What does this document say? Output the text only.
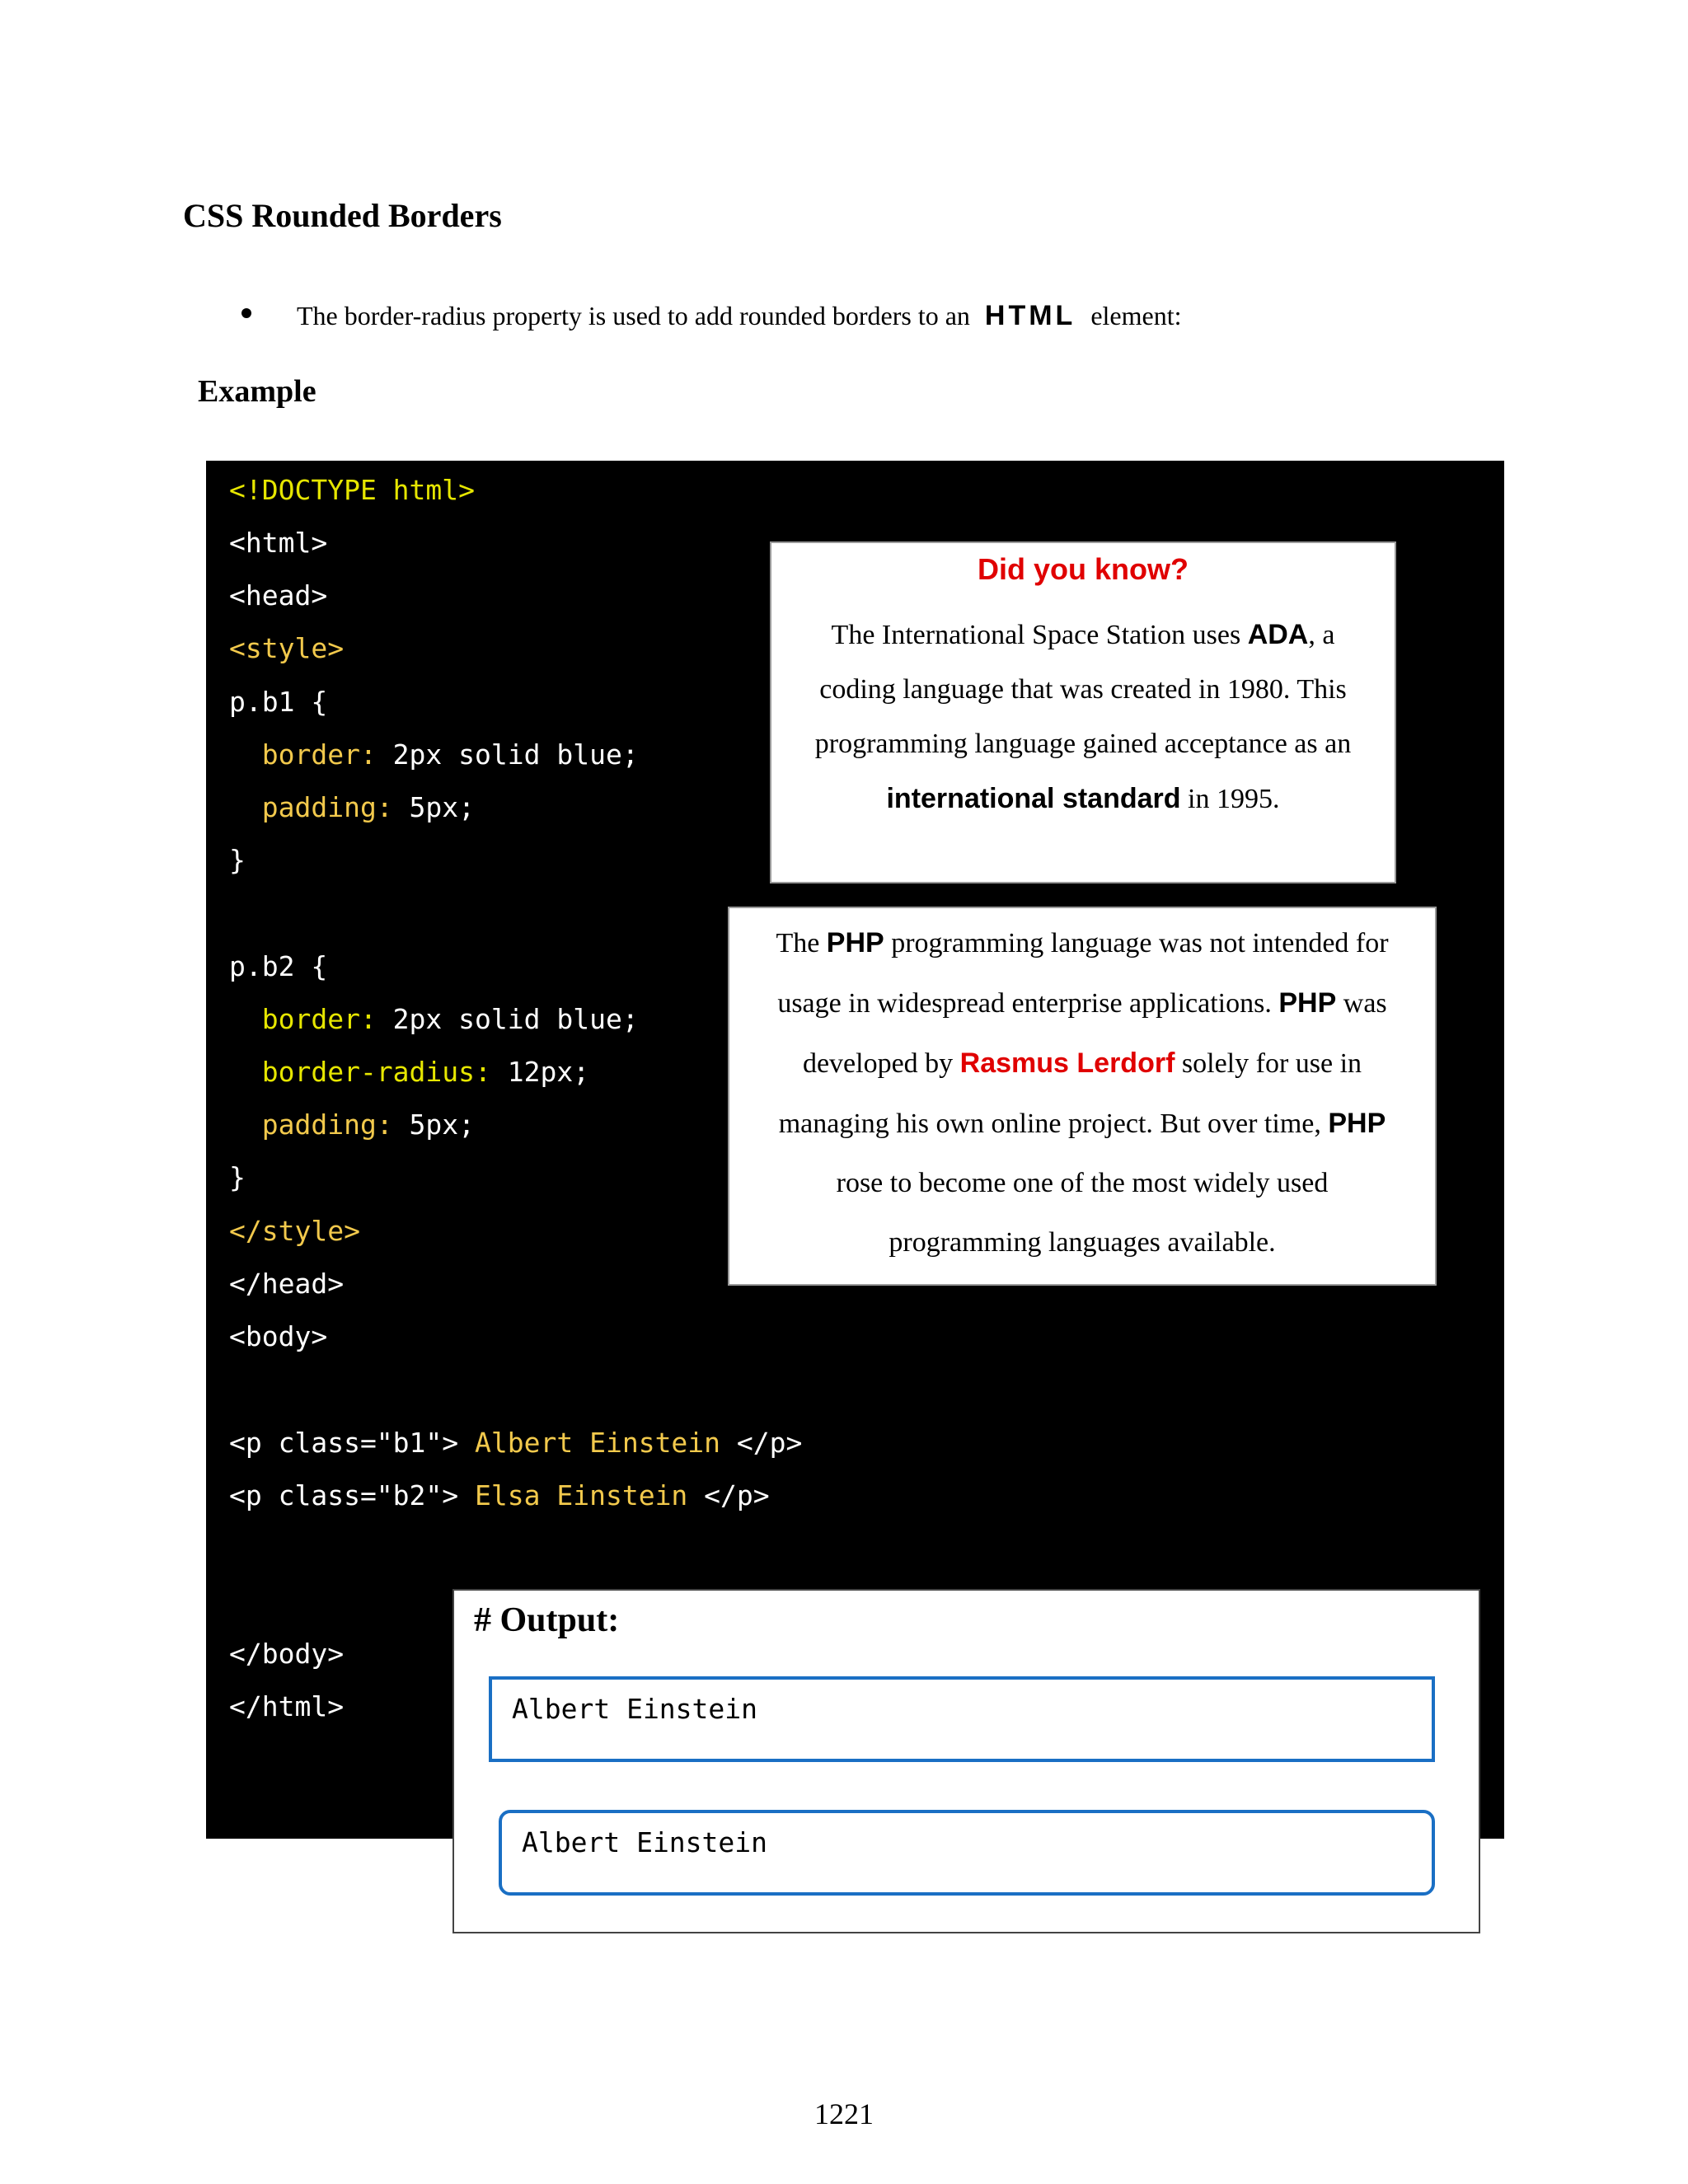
CSS Rounded Borders
The border-radius property is used to add rounded borders to an HTML element:
Example
<!DOCTYPE html>
<html>
<head>
<style>
p.b1 {
border: 2px solid blue;
padding: 5px;
}
p.b2 {
border: 2px solid blue;
border-radius: 12px;
padding: 5px;
}
</style>
</head>
<body>
<p class="b1"> Albert Einstein </p>
<p class="b2"> Elsa Einstein </p>
</body>
</html>
Did you know?
The International Space Station uses ADA, a
coding language that was created in 1980. This
programming language gained acceptance as an
international standard in 1995.
The PHP programming language was not intended for
usage in widespread enterprise applications. PHP was
developed by Rasmus Lerdorf solely for use in
managing his own online project. But over time, PHP
rose to become one of the most widely used
programming languages available.
# Output:
Albert Einstein
Albert Einstein
1221
